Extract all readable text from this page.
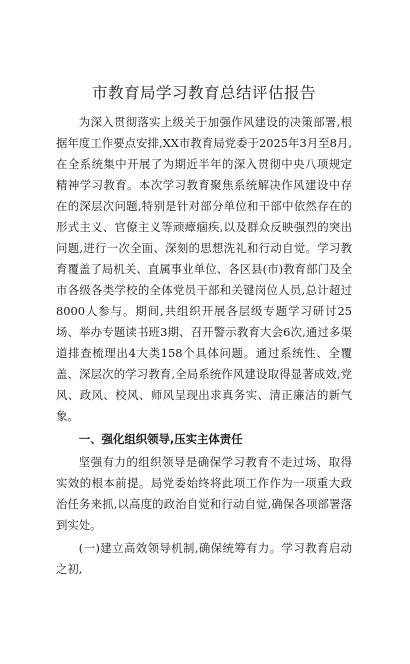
市教育局学习教育总结评估报告

为深入贯彻落实上级关于加强作风建设的决策部署,根据年度工作要点安排,XX市教育局党委于2025年3月至8月,在全系统集中开展了为期近半年的深入贯彻中央八项规定精神学习教育。本次学习教育聚焦系统解决作风建设中存在的深层次问题,特别是针对部分单位和干部中依然存在的形式主义、官僚主义等顽瘴痼疾,以及群众反映强烈的突出问题,进行一次全面、深刻的思想洗礼和行动自觉。学习教育覆盖了局机关、直属事业单位、各区县(市)教育部门及全市各级各类学校的全体党员干部和关键岗位人员,总计超过8000人参与。期间,共组织开展各层级专题学习研讨25场、举办专题读书班3期、召开警示教育大会6次,通过多渠道排查梳理出4大类158个具体问题。通过系统性、全覆盖、深层次的学习教育,全局系统作风建设取得显著成效,党风、政风、校风、师风呈现出求真务实、清正廉洁的新气象。

一、强化组织领导,压实主体责任

坚强有力的组织领导是确保学习教育不走过场、取得实效的根本前提。局党委始终将此项工作作为一项重大政治任务来抓,以高度的政治自觉和行动自觉,确保各项部署落到实处。

(一)建立高效领导机制,确保统筹有力。学习教育启动之初,
